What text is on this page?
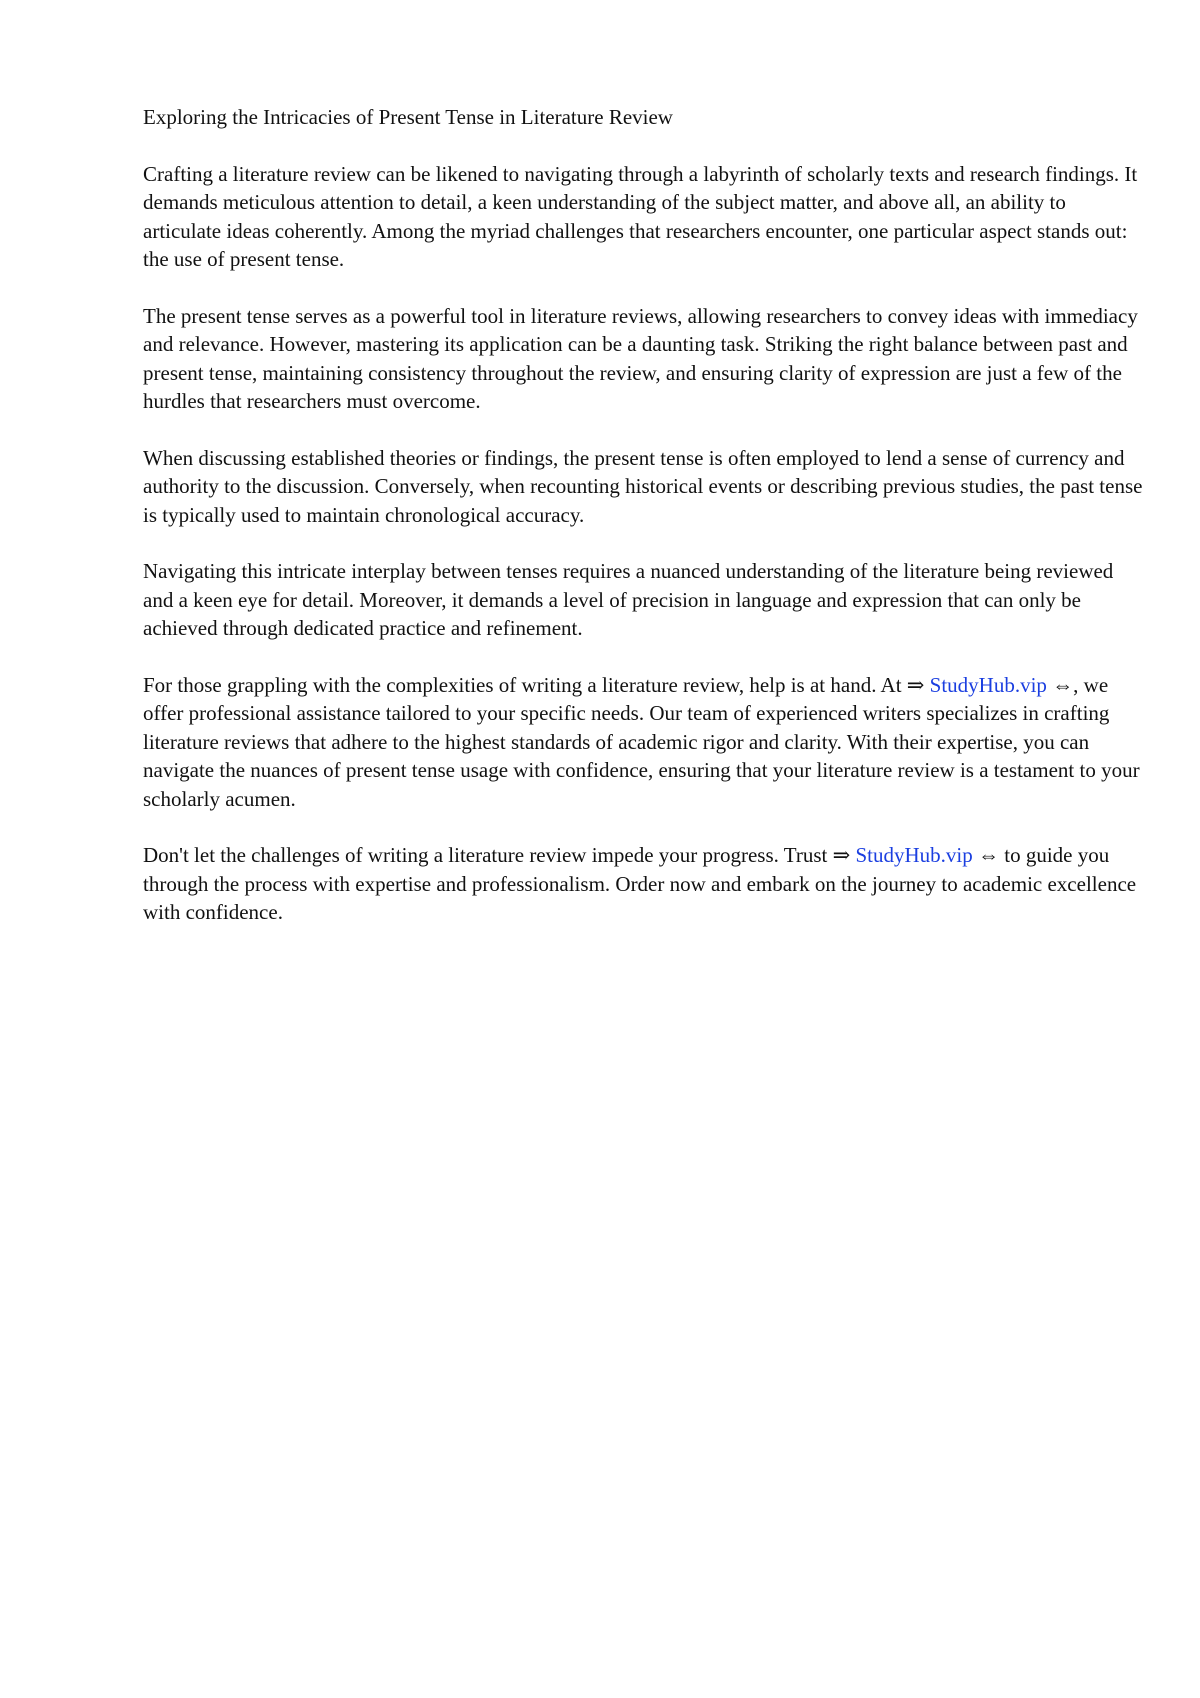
Exploring the Intricacies of Present Tense in Literature Review

Crafting a literature review can be likened to navigating through a labyrinth of scholarly texts and research findings. It demands meticulous attention to detail, a keen understanding of the subject matter, and above all, an ability to articulate ideas coherently. Among the myriad challenges that researchers encounter, one particular aspect stands out: the use of present tense.

The present tense serves as a powerful tool in literature reviews, allowing researchers to convey ideas with immediacy and relevance. However, mastering its application can be a daunting task. Striking the right balance between past and present tense, maintaining consistency throughout the review, and ensuring clarity of expression are just a few of the hurdles that researchers must overcome.

When discussing established theories or findings, the present tense is often employed to lend a sense of currency and authority to the discussion. Conversely, when recounting historical events or describing previous studies, the past tense is typically used to maintain chronological accuracy.

Navigating this intricate interplay between tenses requires a nuanced understanding of the literature being reviewed and a keen eye for detail. Moreover, it demands a level of precision in language and expression that can only be achieved through dedicated practice and refinement.

For those grappling with the complexities of writing a literature review, help is at hand. At ⇒ StudyHub.vip ⇔, we offer professional assistance tailored to your specific needs. Our team of experienced writers specializes in crafting literature reviews that adhere to the highest standards of academic rigor and clarity. With their expertise, you can navigate the nuances of present tense usage with confidence, ensuring that your literature review is a testament to your scholarly acumen.

Don't let the challenges of writing a literature review impede your progress. Trust ⇒ StudyHub.vip ⇔ to guide you through the process with expertise and professionalism. Order now and embark on the journey to academic excellence with confidence.
